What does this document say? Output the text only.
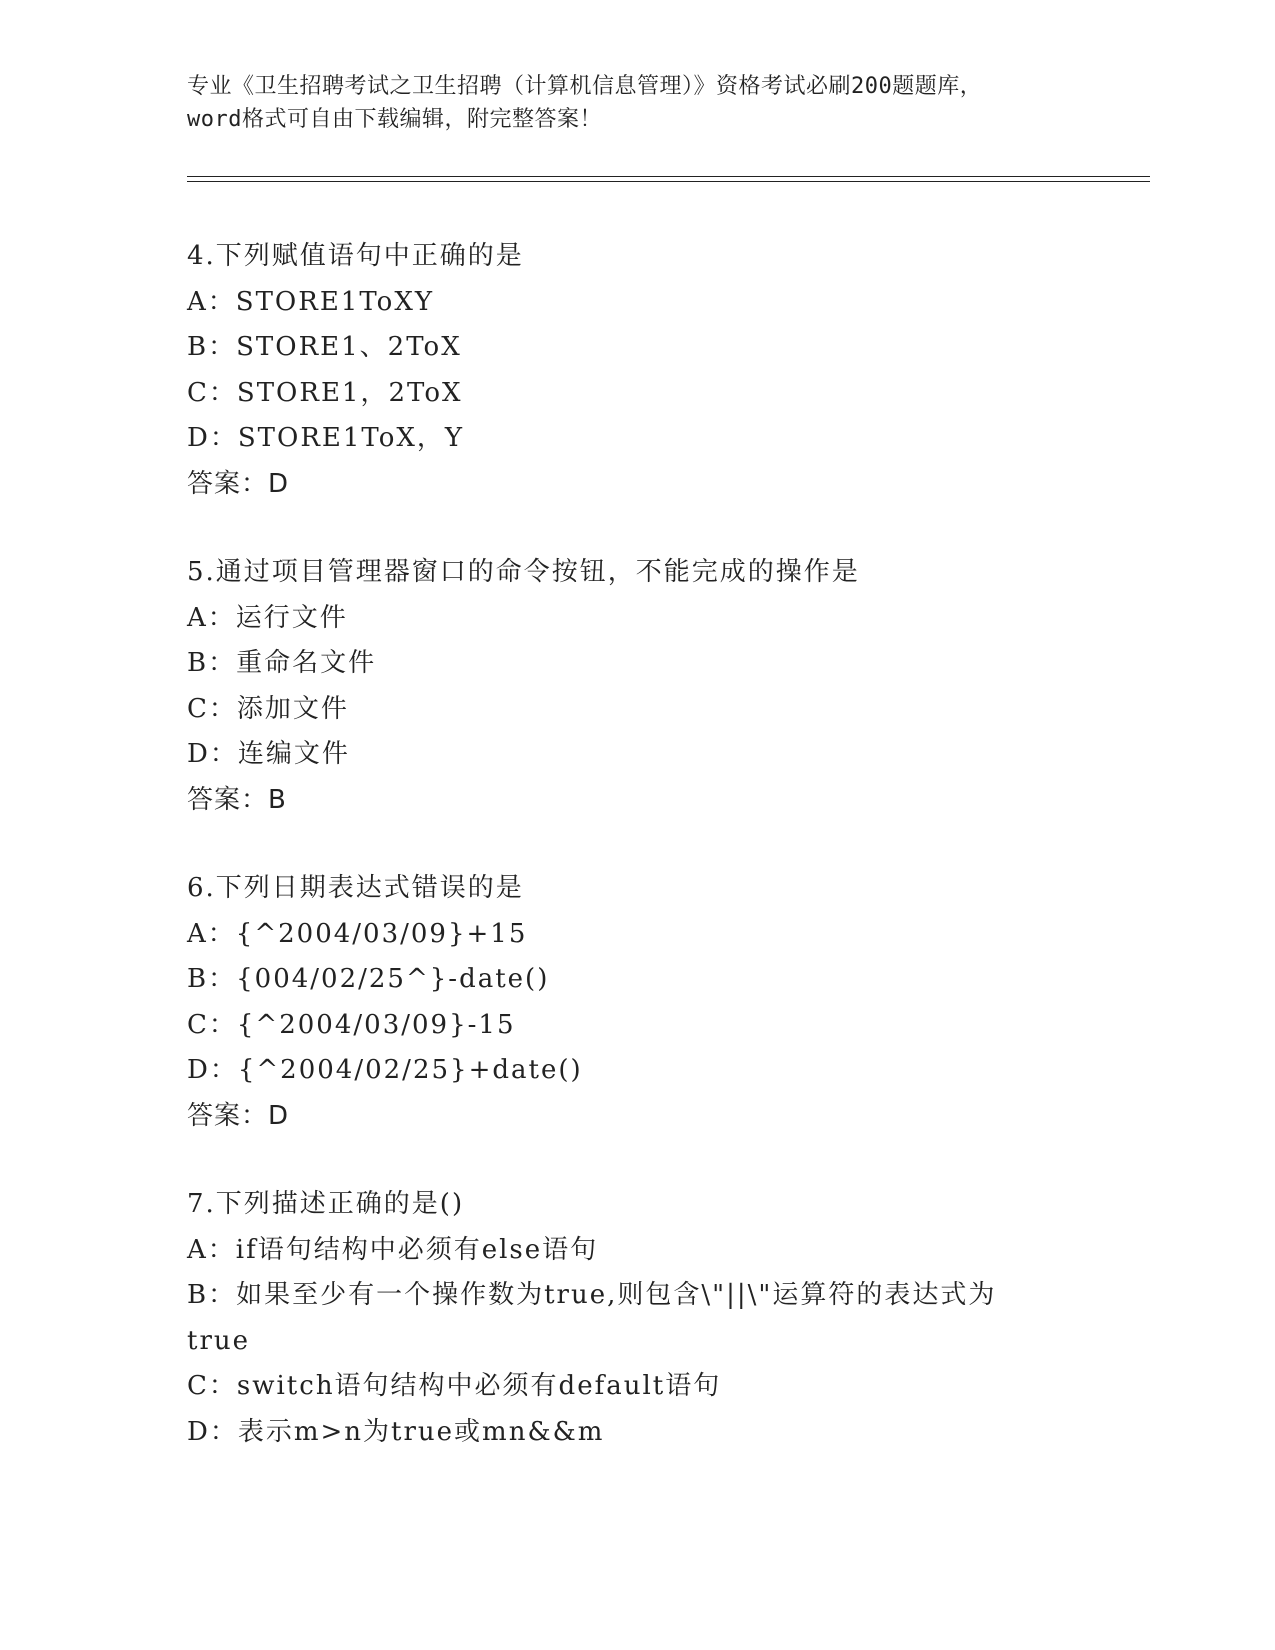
专业《卫生招聘考试之卫生招聘（计算机信息管理）》资格考试必刷200题题库，
word格式可自由下载编辑，附完整答案！
4.下列赋值语句中正确的是
A：STORE1ToXY
B：STORE1、2ToX
C：STORE1，2ToX
D：STORE1ToX，Y
答案：D
5.通过项目管理器窗口的命令按钮，不能完成的操作是
A：运行文件
B：重命名文件
C：添加文件
D：连编文件
答案：B
6.下列日期表达式错误的是
A：{^2004/03/09}+15
B：{004/02/25^}-date()
C：{^2004/03/09}-15
D：{^2004/02/25}+date()
答案：D
7.下列描述正确的是()
A：if语句结构中必须有else语句
B：如果至少有一个操作数为true,则包含\"||\"运算符的表达式为true
C：switch语句结构中必须有default语句
D：表示m>n为true或mn&&m
